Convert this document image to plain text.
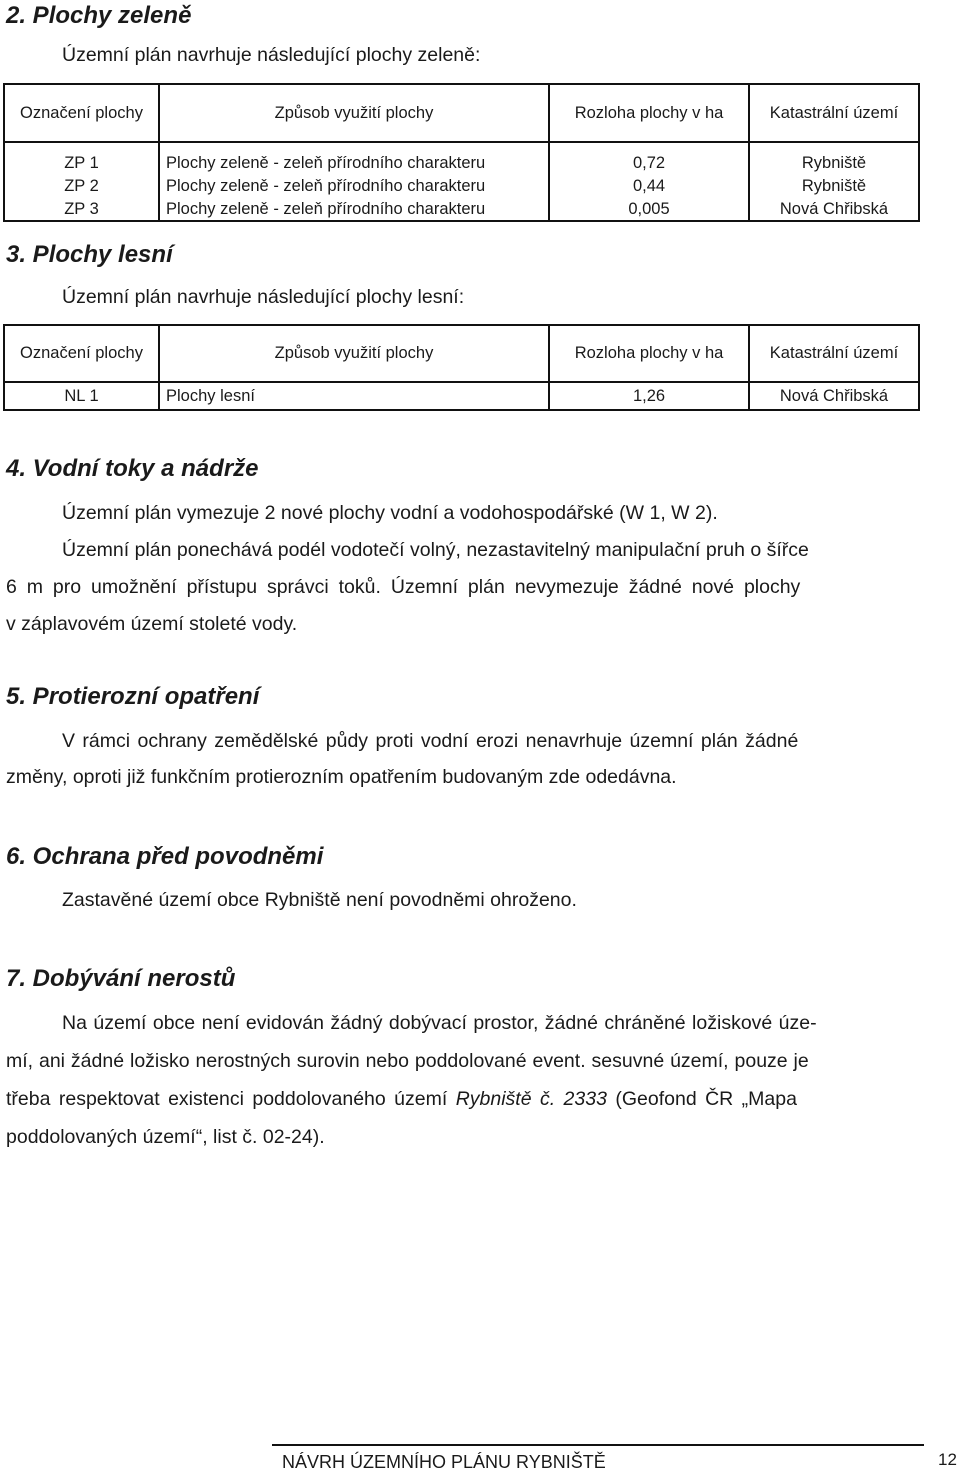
2. Plochy zeleně

Územní plán navrhuje následující plochy zeleně:

Označení plochy	Způsob využití plochy	Rozloha plochy v ha	Katastrální území

ZP 1	Plochy zeleně - zeleň přírodního charakteru	0,72	Rybniště
ZP 2	Plochy zeleně - zeleň přírodního charakteru	0,44	Rybniště
ZP 3	Plochy zeleně - zeleň přírodního charakteru	0,005	Nová Chřibská
3. Plochy lesní

Územní plán navrhuje následující plochy lesní:

Označení plochy	Způsob využití plochy	Rozloha plochy v ha	Katastrální území
NL 1	Plochy lesní	1,26	Nová Chřibská
4. Vodní toky a nádrže

Územní plán vymezuje 2 nové plochy vodní a vodohospodářské (W 1, W 2).

Územní plán ponechává podél vodotečí volný, nezastavitelný manipulační pruh o šířce
6 m pro umožnění přístupu správci toků. Územní plán nevymezuje žádné nové plochy
v záplavovém území stoleté vody.
5. Protierozní opatření
V rámci ochrany zemědělské půdy proti vodní erozi nenavrhuje územní plán žádné
změny, oproti již funkčním protierozním opatřením budovaným zde odedávna.
6. Ochrana před povodněmi

Zastavěné území obce Rybniště není povodněmi ohroženo.

7. Dobývání nerostů
Na území obce není evidován žádný dobývací prostor, žádné chráněné ložiskové úze-
mí, ani žádné ložisko nerostných surovin nebo poddolované event. sesuvné území, pouze je
třeba respektovat existenci poddolovaného území Rybniště č. 2333 (Geofond ČR „Mapa
poddolovaných území“, list č. 02-24).
NÁVRH ÚZEMNÍHO PLÁNU RYBNIŠTĚ	12
